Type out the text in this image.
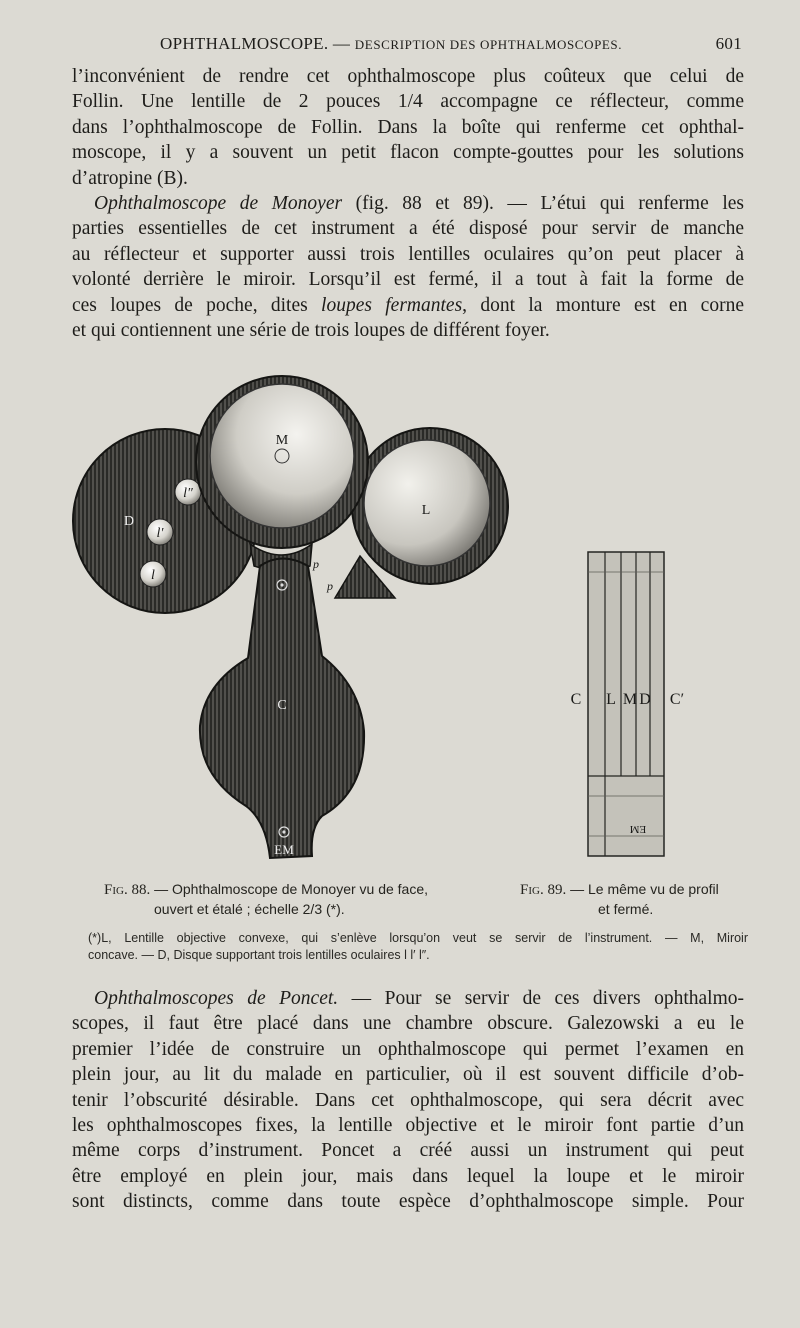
OPHTHALMOSCOPE. — DESCRIPTION DES OPHTHALMOSCOPES.	601
l’inconvénient de rendre cet ophthalmoscope plus coûteux que celui de
Follin. Une lentille de 2 pouces 1/4 accompagne ce réflecteur, comme
dans l’ophthalmoscope de Follin. Dans la boîte qui renferme cet ophthal-
moscope, il y a souvent un petit flacon compte-gouttes pour les solutions
d’atropine (B).
Ophthalmoscope de Monoyer (fig. 88 et 89). — L’étui qui renferme les
parties essentielles de cet instrument a été disposé pour servir de manche
au réflecteur et supporter aussi trois lentilles oculaires qu’on peut placer à
volonté derrière le miroir. Lorsqu’il est fermé, il a tout à fait la forme de
ces loupes de poche, dites loupes fermantes, dont la monture est en corne
et qui contiennent une série de trois loupes de différent foyer.
M
L
D
C
l″
l′
l
p
p
EM
EM
C L M D C′
Fig. 88. — Ophthalmoscope de Monoyer vu de face,
ouvert et étalé ; échelle 2/3 (*).
Fig. 89. — Le même vu de profil
et fermé.
(*)L, Lentille objective convexe, qui s’enlève lorsqu’on veut se servir de l’instrument. — M, Miroir
concave. — D, Disque supportant trois lentilles oculaires l l′ l″.
Ophthalmoscopes de Poncet. — Pour se servir de ces divers ophthalmo-
scopes, il faut être placé dans une chambre obscure. Galezowski a eu le
premier l’idée de construire un ophthalmoscope qui permet l’examen en
plein jour, au lit du malade en particulier, où il est souvent difficile d’ob-
tenir l’obscurité désirable. Dans cet ophthalmoscope, qui sera décrit avec
les ophthalmoscopes fixes, la lentille objective et le miroir font partie d’un
même corps d’instrument. Poncet a créé aussi un instrument qui peut
être employé en plein jour, mais dans lequel la loupe et le miroir
sont distincts, comme dans toute espèce d’ophthalmoscope simple. Pour
